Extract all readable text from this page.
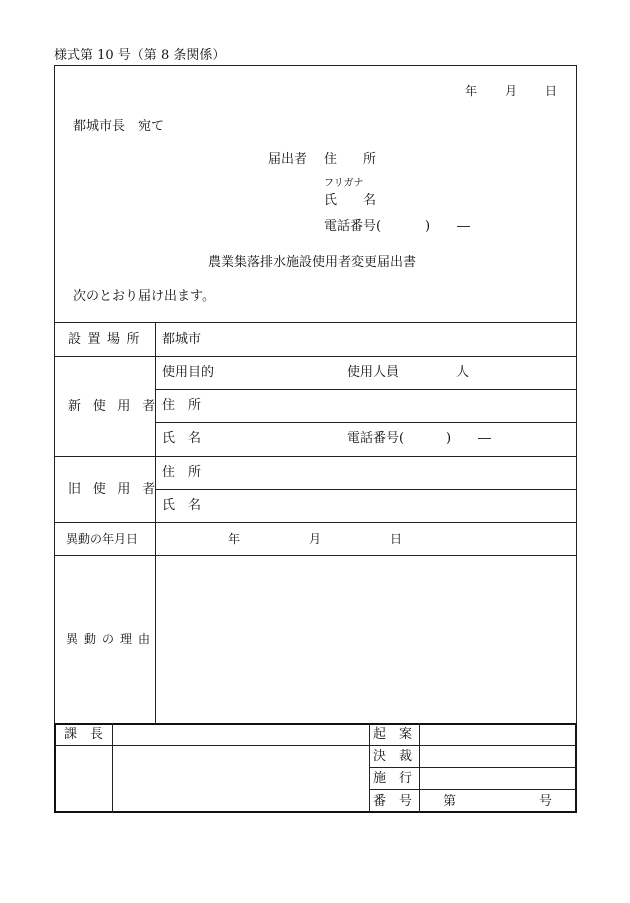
様式第 10 号（第 8 条関係）
年 月 日
都城市長　宛て
届出者 住　　所
フリガナ
氏　　名
電話番号(	) ―
農業集落排水施設使用者変更届出書
次のとおり届け出ます。
設置場所 都城市
新使用者
使用目的	使用人員	人
住　所
氏　名	電話番号(	) ―
旧使用者
住　所
氏　名
異動の年月日	年	月	日
異動の理由
課　長	起　案
決　裁
施　行
番　号 第	号
